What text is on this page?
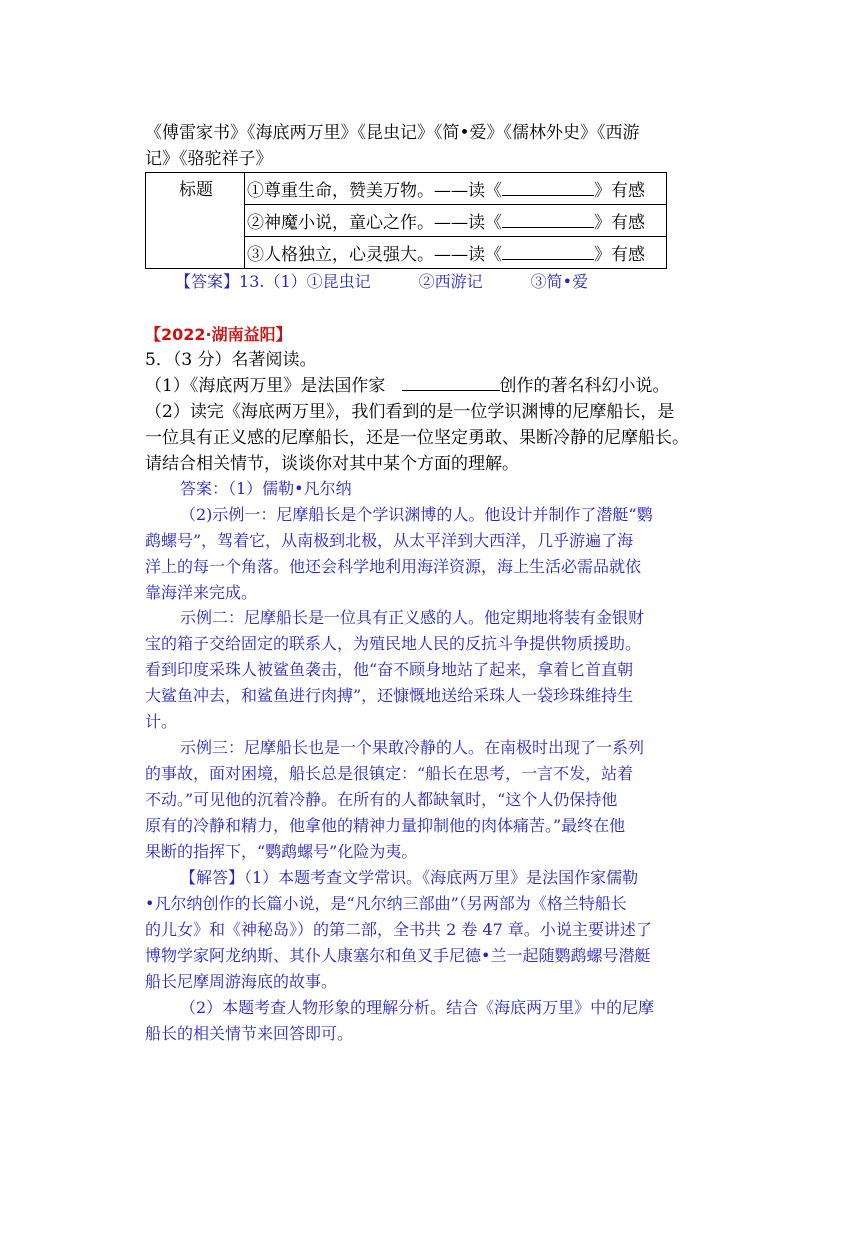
《傅雷家书》《海底两万里》《昆虫记》《简•爱》《儒林外史》《西游
记》《骆驼祥子》
标题	①尊重生命，赞美万物。——读《	》有感
②神魔小说，童心之作。——读《	》有感
③人格独立，心灵强大。——读《	》有感
【答案】13.（1）①昆虫记　　　②西游记　　　③简•爱
【2022·湖南益阳】
5．（3 分）名著阅读。
（1）《海底两万里》是法国作家	创作的著名科幻小说。
（2）读完《海底两万里》，我们看到的是一位学识渊博的尼摩船长，是
一位具有正义感的尼摩船长，还是一位坚定勇敢、果断冷静的尼摩船长。
请结合相关情节，谈谈你对其中某个方面的理解。
答案：（1）儒勒•凡尔纳
（2)示例一：尼摩船长是个学识渊博的人。他设计并制作了潜艇“鹦
鹉螺号”，驾着它，从南极到北极，从太平洋到大西洋，几乎游遍了海
洋上的每一个角落。他还会科学地利用海洋资源，海上生活必需品就依
靠海洋来完成。
示例二：尼摩船长是一位具有正义感的人。他定期地将装有金银财
宝的箱子交给固定的联系人，为殖民地人民的反抗斗争提供物质援助。
看到印度采珠人被鲨鱼袭击，他“奋不顾身地站了起来，拿着匕首直朝
大鲨鱼冲去，和鲨鱼进行肉搏”，还慷慨地送给采珠人一袋珍珠维持生
计。
示例三：尼摩船长也是一个果敢冷静的人。在南极时出现了一系列
的事故，面对困境，船长总是很镇定：“船长在思考，一言不发，站着
不动。”可见他的沉着冷静。在所有的人都缺氧时，“这个人仍保持他
原有的冷静和精力，他拿他的精神力量抑制他的肉体痛苦。”最终在他
果断的指挥下，“鹦鹉螺号”化险为夷。
【解答】（1）本题考查文学常识。《海底两万里》是法国作家儒勒
•凡尔纳创作的长篇小说，是“凡尔纳三部曲”（另两部为《格兰特船长
的儿女》和《神秘岛》）的第二部，全书共 2 卷 47 章。小说主要讲述了
博物学家阿龙纳斯、其仆人康塞尔和鱼叉手尼德•兰一起随鹦鹉螺号潜艇
船长尼摩周游海底的故事。
（2）本题考查人物形象的理解分析。结合《海底两万里》中的尼摩
船长的相关情节来回答即可。
